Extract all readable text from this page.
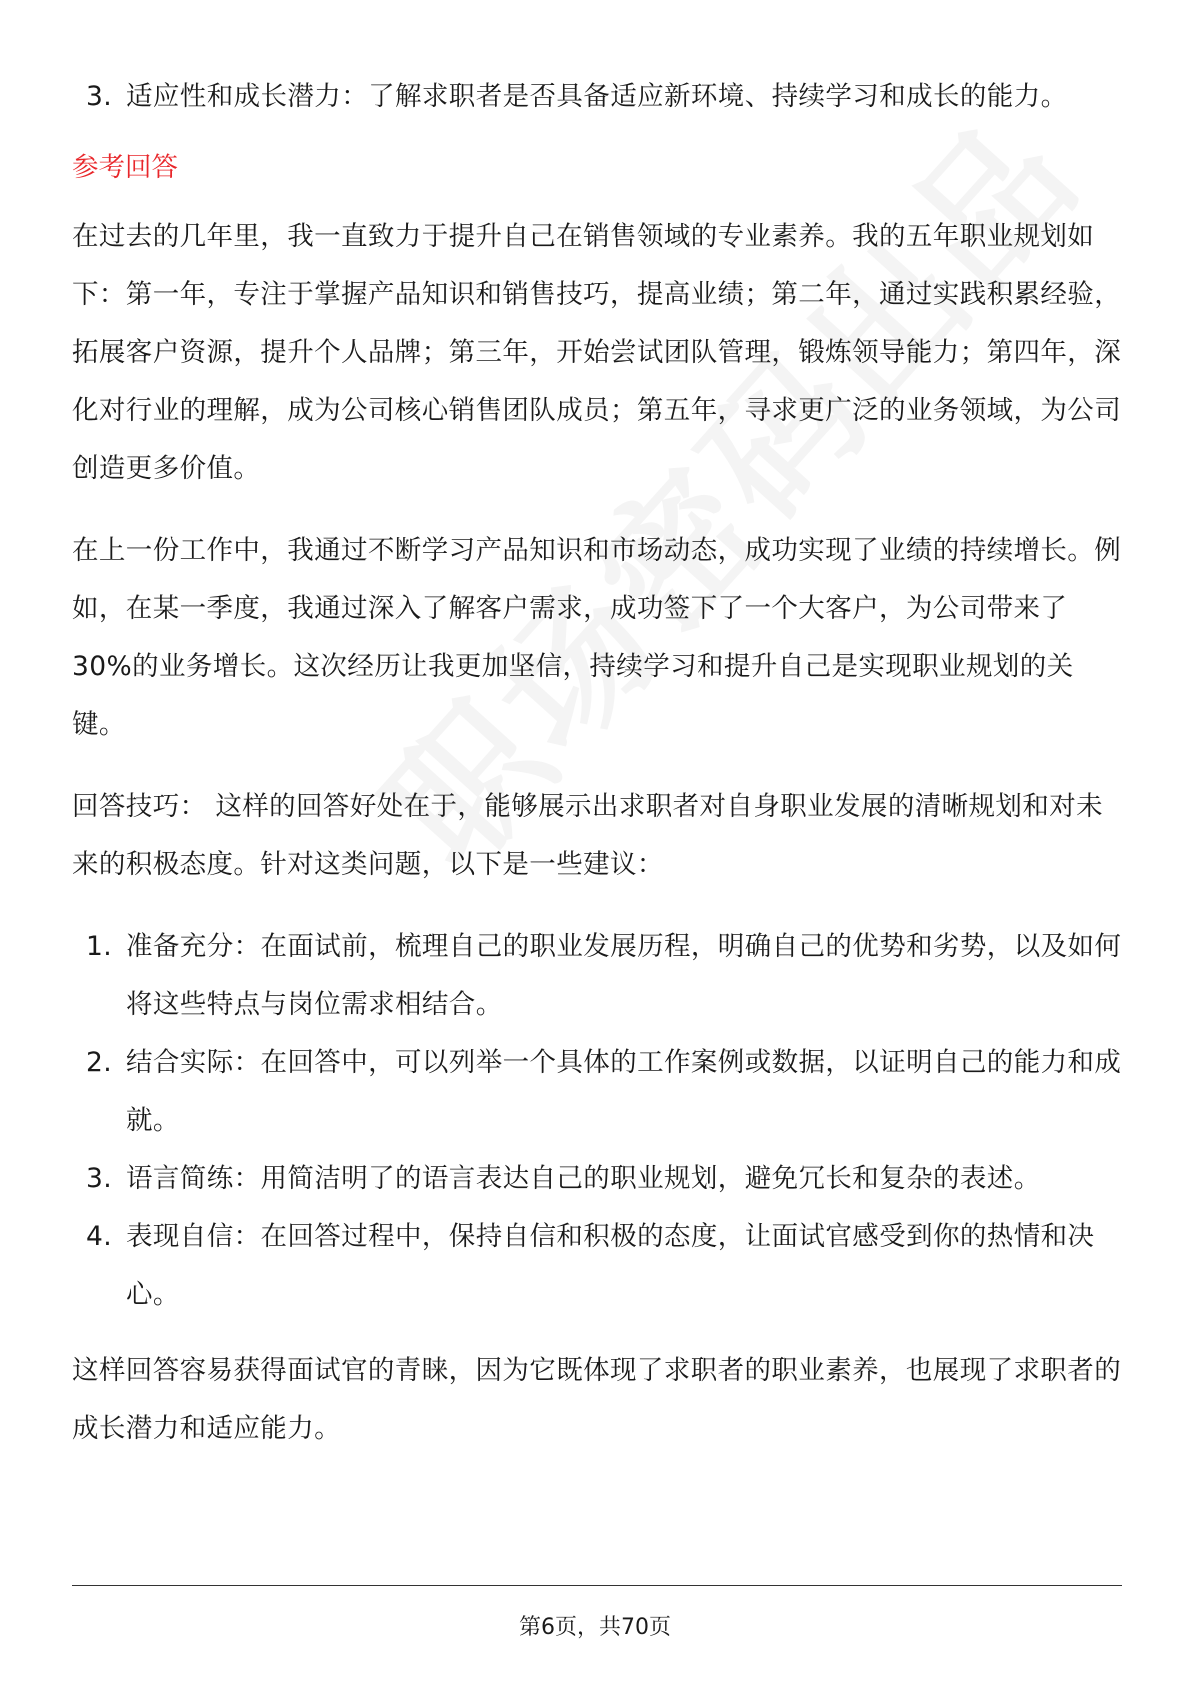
3. 适应性和成长潜力：了解求职者是否具备适应新环境、持续学习和成长的能力。
参考回答

在过去的几年里，我一直致力于提升自己在销售领域的专业素养。我的五年职业规划如下：第一年，专注于掌握产品知识和销售技巧，提高业绩；第二年，通过实践积累经验，拓展客户资源，提升个人品牌；第三年，开始尝试团队管理，锻炼领导能力；第四年，深化对行业的理解，成为公司核心销售团队成员；第五年，寻求更广泛的业务领域，为公司创造更多价值。

在上一份工作中，我通过不断学习产品知识和市场动态，成功实现了业绩的持续增长。例如，在某一季度，我通过深入了解客户需求，成功签下了一个大客户，为公司带来了30%的业务增长。这次经历让我更加坚信，持续学习和提升自己是实现职业规划的关键。

回答技巧： 这样的回答好处在于，能够展示出求职者对自身职业发展的清晰规划和对未来的积极态度。针对这类问题，以下是一些建议：

1. 准备充分：在面试前，梳理自己的职业发展历程，明确自己的优势和劣势，以及如何将这些特点与岗位需求相结合。
2. 结合实际：在回答中，可以列举一个具体的工作案例或数据，以证明自己的能力和成就。
3. 语言简练：用简洁明了的语言表达自己的职业规划，避免冗长和复杂的表述。
4. 表现自信：在回答过程中，保持自信和积极的态度，让面试官感受到你的热情和决心。

这样回答容易获得面试官的青睐，因为它既体现了求职者的职业素养，也展现了求职者的成长潜力和适应能力。

第6页，共70页
